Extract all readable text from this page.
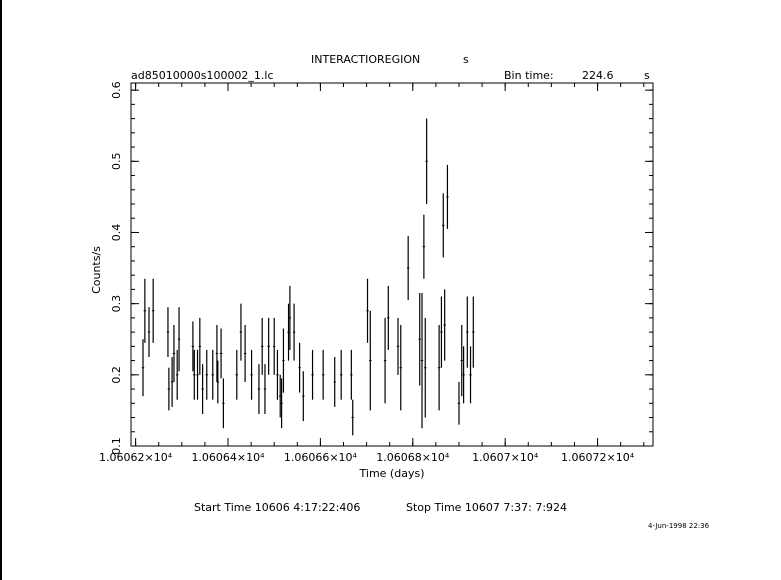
INTERACTIOREGION	s
ad85010000s100002_1.lc	Bin time:	224.6	s
1.06062×10⁴ 1.06064×10⁴ 1.06066×10⁴ 1.06068×10⁴ 1.0607×10⁴ 1.06072×10⁴
0.1
0.2
0.3
0.4
0.5
0.6
Time (days)
Counts/s
Start Time 10606 4:17:22:406	Stop Time 10607 7:37: 7:924
4-Jun-1998 22:36
